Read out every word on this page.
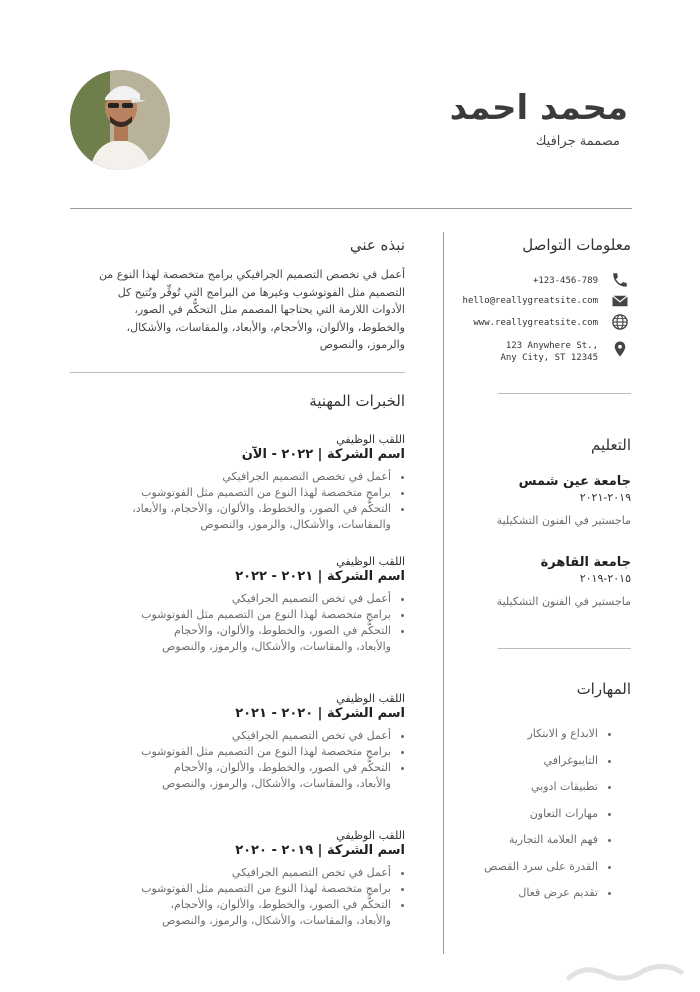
محمد احمد
مصممة جرافيك
معلومات التواصل
+123-456-789
hello@reallygreatsite.com
www.reallygreatsite.com
123 Anywhere St.,
Any City, ST 12345
التعليم
جامعة عين شمس
٢٠١٩-٢٠٢١
ماجستير في الفنون التشكيلية
جامعة القاهرة
٢٠١٥-٢٠١٩
ماجستير في الفنون التشكيلية
المهارات
• الابداع و الابتكار
• التايبوغرافي
• تطبيقات ادوبي
• مهارات التعاون
• فهم العلامة التجارية
• القدرة على سرد القصص
• تقديم عرض فعال
نبذه عني
أعمل في تخصص التصميم الجرافيكي برامج متخصصة لهذا النوع من
التصميم مثل الفوتوشوب وغيرها من البرامج التي تُوفِّر وتُتيح كل
الأدوات اللازمة التي يحتاجها المصمم مثل التحكُّم في الصور،
والخطوط، والألوان، والأحجام، والأبعاد، والمقاسات، والأشكال،
والرموز، والنصوص
الخبرات المهنية
اللقب الوظيفي
اسم الشركة | ٢٠٢٢ - الآن
• أعمل في تخصص التصميم الجرافيكي
• برامج متخصصة لهذا النوع من التصميم مثل الفوتوشوب
• التحكُّم في الصور، والخطوط، والألوان، والأحجام، والأبعاد،
والمقاسات، والأشكال، والرموز، والنصوص
اللقب الوظيفي
اسم الشركة | ٢٠٢١ - ٢٠٢٢
• أعمل في تخص التصميم الجرافيكي
• برامج متخصصة لهذا النوع من التصميم مثل الفوتوشوب
• التحكُّم في الصور، والخطوط، والألوان، والأحجام
والأبعاد، والمقاسات، والأشكال، والرموز، والنصوص
اللقب الوظيفي
اسم الشركة | ٢٠٢٠ - ٢٠٢١
• أعمل في تخص التصميم الجرافيكي
• برامج متخصصة لهذا النوع من التصميم مثل الفوتوشوب
• التحكُّم في الصور، والخطوط، والألوان، والأحجام
والأبعاد، والمقاسات، والأشكال، والرموز، والنصوص
اللقب الوظيفي
اسم الشركة | ٢٠١٩ - ٢٠٢٠
• أعمل في تخص التصميم الجرافيكي
• برامج متخصصة لهذا النوع من التصميم مثل الفوتوشوب
• التحكُّم في الصور، والخطوط، والألوان، والأحجام،
والأبعاد، والمقاسات، والأشكال، والرموز، والنصوص
